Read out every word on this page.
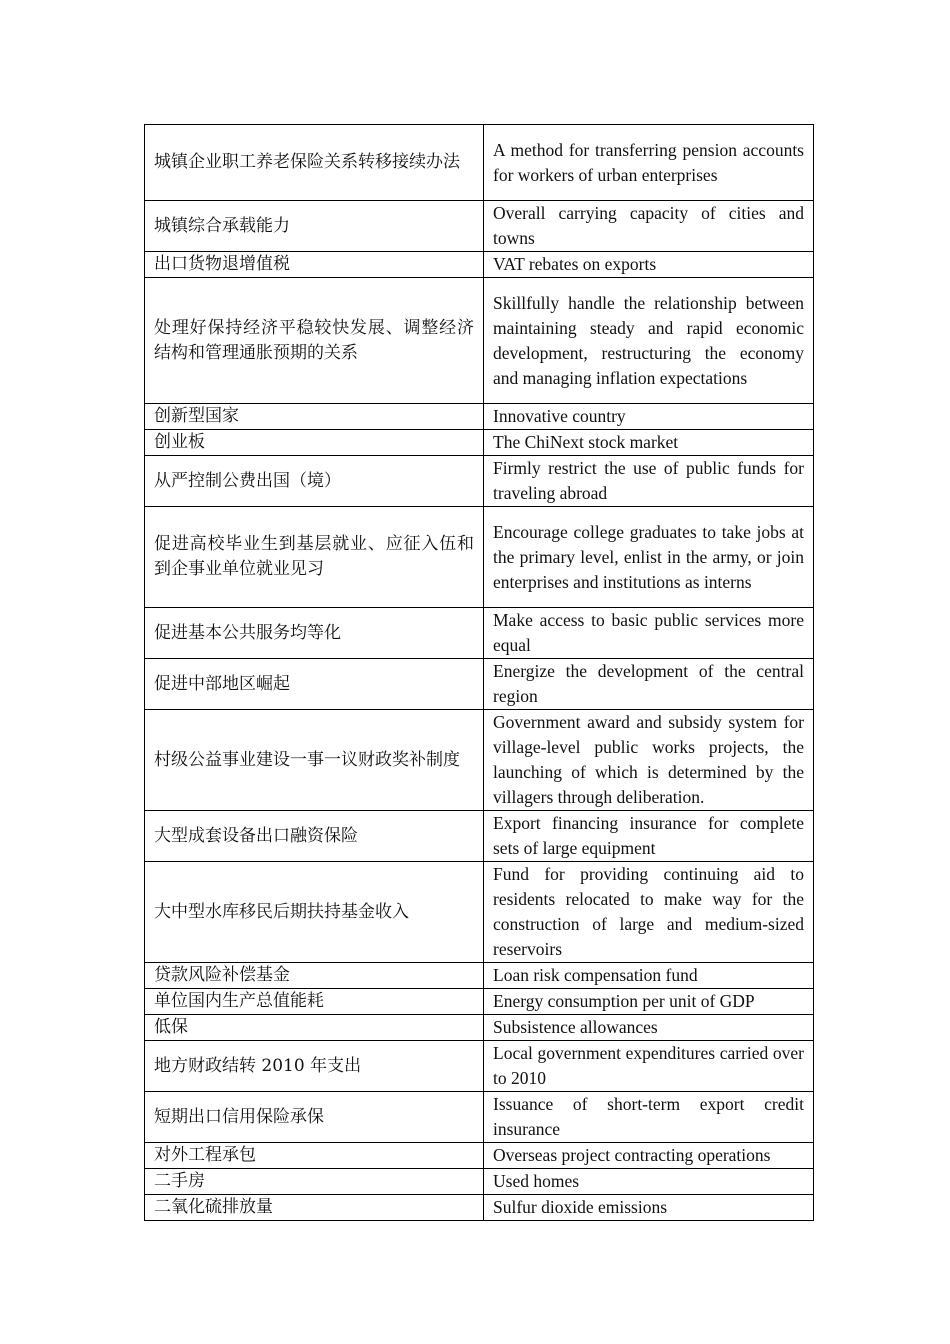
城镇企业职工养老保险关系转移接续办法	A method for transferring pension accounts for workers of urban enterprises
城镇综合承载能力	Overall carrying capacity of cities and towns
出口货物退增值税	VAT rebates on exports
处理好保持经济平稳较快发展、调整经济结构和管理通胀预期的关系	Skillfully handle the relationship between maintaining steady and rapid economic development, restructuring the economy and managing inflation expectations
创新型国家	Innovative country
创业板	The ChiNext stock market
从严控制公费出国（境）	Firmly restrict the use of public funds for traveling abroad
促进高校毕业生到基层就业、应征入伍和到企事业单位就业见习	Encourage college graduates to take jobs at the primary level, enlist in the army, or join enterprises and institutions as interns
促进基本公共服务均等化	Make access to basic public services more equal
促进中部地区崛起	Energize the development of the central region
村级公益事业建设一事一议财政奖补制度	Government award and subsidy system for village-level public works projects, the launching of which is determined by the villagers through deliberation.
大型成套设备出口融资保险	Export financing insurance for complete sets of large equipment
大中型水库移民后期扶持基金收入	Fund for providing continuing aid to residents relocated to make way for the construction of large and medium-sized reservoirs
贷款风险补偿基金	Loan risk compensation fund
单位国内生产总值能耗	Energy consumption per unit of GDP
低保	Subsistence allowances
地方财政结转 2010 年支出	Local government expenditures carried over to 2010
短期出口信用保险承保	Issuance of short-term export credit insurance
对外工程承包	Overseas project contracting operations
二手房	Used homes
二氧化硫排放量	Sulfur dioxide emissions
